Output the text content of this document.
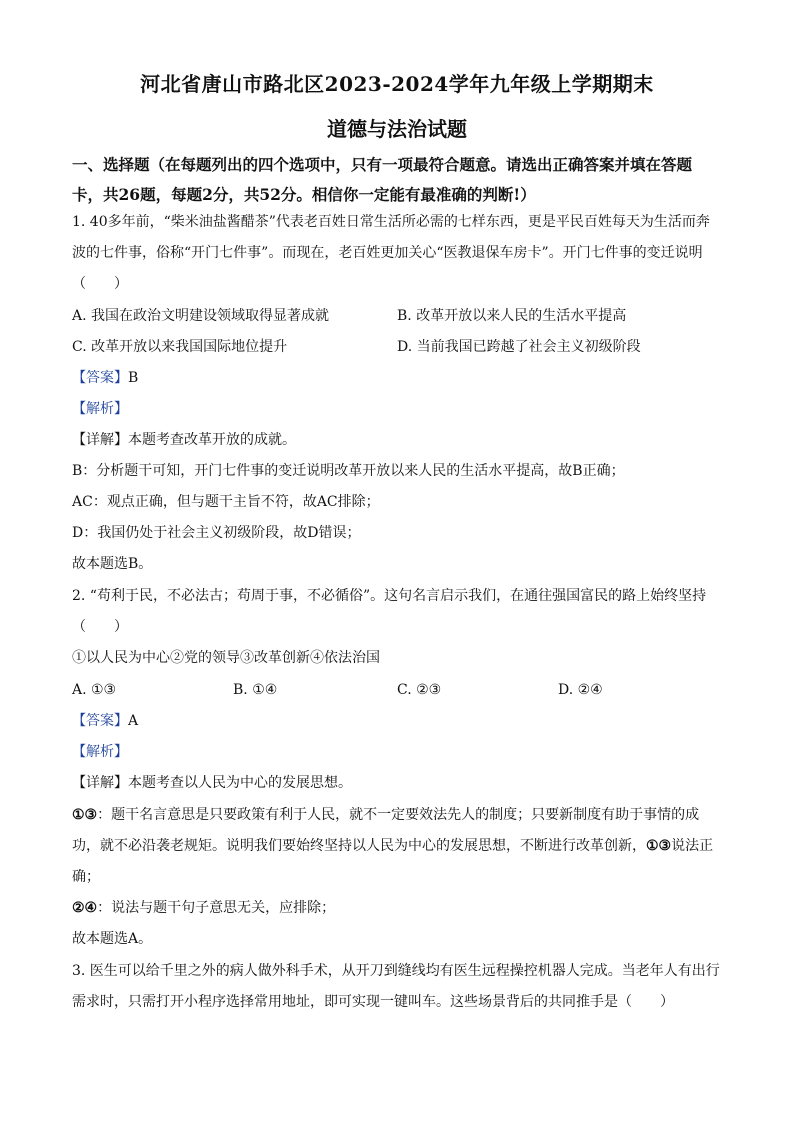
河北省唐山市路北区2023-2024学年九年级上学期期末
道德与法治试题
一、选择题（在每题列出的四个选项中，只有一项最符合题意。请选出正确答案并填在答题
卡，共26题，每题2分，共52分。相信你一定能有最准确的判断!）
1. 40多年前，“柴米油盐酱醋茶”代表老百姓日常生活所必需的七样东西，更是平民百姓每天为生活而奔
波的七件事，俗称“开门七件事”。而现在，老百姓更加关心“医教退保车房卡”。开门七件事的变迁说明
（　　）
A. 我国在政治文明建设领域取得显著成就	B. 改革开放以来人民的生活水平提高
C. 改革开放以来我国国际地位提升	D. 当前我国已跨越了社会主义初级阶段
【答案】B
【解析】
【详解】本题考查改革开放的成就。
B：分析题干可知，开门七件事的变迁说明改革开放以来人民的生活水平提高，故B正确；
AC：观点正确，但与题干主旨不符，故AC排除；
D：我国仍处于社会主义初级阶段，故D错误；
故本题选B。
2. “苟利于民，不必法古；苟周于事，不必循俗”。这句名言启示我们，在通往强国富民的路上始终坚持
（　　）
①以人民为中心②党的领导③改革创新④依法治国
A. ①③	B. ①④	C. ②③	D. ②④
【答案】A
【解析】
【详解】本题考查以人民为中心的发展思想。
①③：题干名言意思是只要政策有利于人民，就不一定要效法先人的制度；只要新制度有助于事情的成
功，就不必沿袭老规矩。说明我们要始终坚持以人民为中心的发展思想，不断进行改革创新，①③说法正
确；
②④：说法与题干句子意思无关，应排除；
故本题选A。
3. 医生可以给千里之外的病人做外科手术，从开刀到缝线均有医生远程操控机器人完成。当老年人有出行
需求时，只需打开小程序选择常用地址，即可实现一键叫车。这些场景背后的共同推手是（　　）
